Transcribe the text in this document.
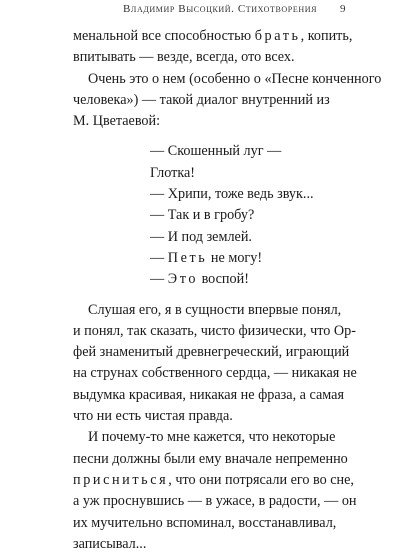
Владимир Высоцкий. Стихотворения 9
менальной все способностью брать, копить,
впитывать — везде, всегда, ото всех.
Очень это о нем (особенно о «Песне конченного
человека») — такой диалог внутренний из
М. Цветаевой:
— Скошенный луг —
Глотка!
— Хрипи, тоже ведь звук...
— Так и в гробу?
— И под землей.
— Петь не могу!
— Это воспой!
Слушая его, я в сущности впервые понял,
и понял, так сказать, чисто физически, что Ор-
фей знаменитый древнегреческий, играющий
на струнах собственного сердца, — никакая не
выдумка красивая, никакая не фраза, а самая
что ни есть чистая правда.
И почему-то мне кажется, что некоторые
песни должны были ему вначале непременно
присниться, что они потрясали его во сне,
а уж проснувшись — в ужасе, в радости, — он
их мучительно вспоминал, восстанавливал,
записывал...
